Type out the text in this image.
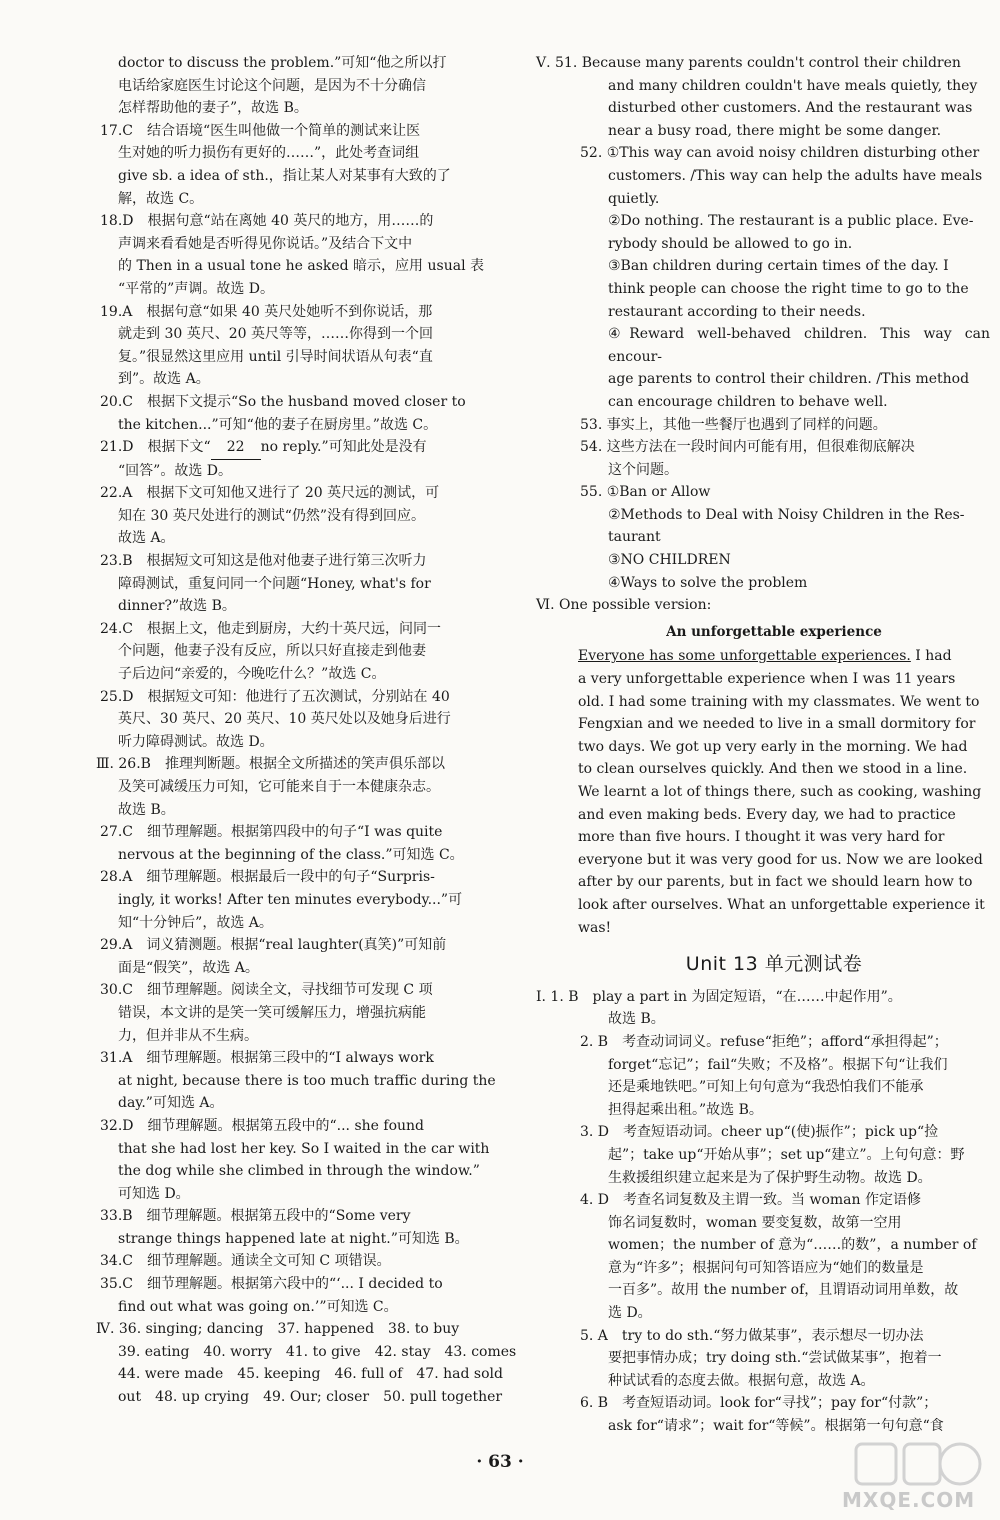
doctor to discuss the problem.”可知“他之所以打

电话给家庭医生讨论这个问题，是因为不十分确信

怎样帮助他的妻子”，故选 B。

17.C　结合语境“医生叫他做一个简单的测试来让医

生对她的听力损伤有更好的……”，此处考查词组

give sb. a idea of sth.，指让某人对某事有大致的了

解，故选 C。

18.D　根据句意“站在离她 40 英尺的地方，用……的

声调来看看她是否听得见你说话。”及结合下文中

的 Then in a usual tone he asked 暗示，应用 usual 表

“平常的”声调。故选 D。

19.A　根据句意“如果 40 英尺处她听不到你说话，那

就走到 30 英尺、20 英尺等等，……你得到一个回

复。”很显然这里应用 until 引导时间状语从句表“直

到”。故选 A。

20.C　根据下文提示“So the husband moved closer to

the kitchen...”可知“他的妻子在厨房里。”故选 C。

21.D　根据下文“ 22 no reply.”可知此处是没有

“回答”。故选 D。

22.A　根据下文可知他又进行了 20 英尺远的测试，可

知在 30 英尺处进行的测试“仍然”没有得到回应。

故选 A。

23.B　根据短文可知这是他对他妻子进行第三次听力

障碍测试，重复问同一个问题“Honey, what's for

dinner?”故选 B。

24.C　根据上文，他走到厨房，大约十英尺远，问同一

个问题，他妻子没有反应，所以只好直接走到他妻

子后边问“亲爱的，今晚吃什么？”故选 C。

25.D　根据短文可知：他进行了五次测试，分别站在 40

英尺、30 英尺、20 英尺、10 英尺处以及她身后进行

听力障碍测试。故选 D。

Ⅲ. 26.B　推理判断题。根据全文所描述的笑声俱乐部以

及笑可减缓压力可知，它可能来自于一本健康杂志。

故选 B。

27.C　细节理解题。根据第四段中的句子“I was quite

nervous at the beginning of the class.”可知选 C。

28.A　细节理解题。根据最后一段中的句子“Surpris-

ingly, it works! After ten minutes everybody...”可

知“十分钟后”，故选 A。

29.A　词义猜测题。根据“real laughter(真笑)”可知前

面是“假笑”，故选 A。

30.C　细节理解题。阅读全文，寻找细节可发现 C 项

错误，本文讲的是笑一笑可缓解压力，增强抗病能

力，但并非从不生病。

31.A　细节理解题。根据第三段中的“I always work

at night, because there is too much traffic during the

day.”可知选 A。

32.D　细节理解题。根据第五段中的“... she found

that she had lost her key. So I waited in the car with

the dog while she climbed in through the window.”

可知选 D。

33.B　细节理解题。根据第五段中的“Some very

strange things happened late at night.”可知选 B。

34.C　细节理解题。通读全文可知 C 项错误。

35.C　细节理解题。根据第六段中的“‘... I decided to

find out what was going on.’”可知选 C。

Ⅳ. 36. singing; dancing　37. happened　38. to buy

39. eating　40. worry　41. to give　42. stay　43. comes

44. were made　45. keeping　46. full of　47. had sold

out　48. up crying　49. Our; closer　50. pull together

Ⅴ. 51. Because many parents couldn't control their children

and many children couldn't have meals quietly, they

disturbed other customers. And the restaurant was

near a busy road, there might be some danger.

52. ①This way can avoid noisy children disturbing other

customers. /This way can help the adults have meals

quietly.

②Do nothing. The restaurant is a public place. Eve-

rybody should be allowed to go in.

③Ban children during certain times of the day. I

think people can choose the right time to go to the

restaurant according to their needs.

④Reward well-behaved children. This way can encour-

age parents to control their children. /This method

can encourage children to behave well.

53. 事实上，其他一些餐厅也遇到了同样的问题。

54. 这些方法在一段时间内可能有用，但很难彻底解决

这个问题。

55. ①Ban or Allow

②Methods to Deal with Noisy Children in the Res-

taurant

③NO CHILDREN

④Ways to solve the problem

Ⅵ. One possible version:

An unforgettable experience

Everyone has some unforgettable experiences. I had

a very unforgettable experience when I was 11 years

old. I had some training with my classmates. We went to

Fengxian and we needed to live in a small dormitory for

two days. We got up very early in the morning. We had

to clean ourselves quickly. And then we stood in a line.

We learnt a lot of things there, such as cooking, washing

and even making beds. Every day, we had to practice

more than five hours. I thought it was very hard for

everyone but it was very good for us. Now we are looked

after by our parents, but in fact we should learn how to

look after ourselves. What an unforgettable experience it

was!

Unit 13 单元测试卷

Ⅰ. 1. B　play a part in 为固定短语，“在……中起作用”。

故选 B。

2. B　考查动词词义。refuse“拒绝”；afford“承担得起”；

forget“忘记”；fail“失败；不及格”。根据下句“让我们

还是乘地铁吧。”可知上句句意为“我恐怕我们不能承

担得起乘出租。”故选 B。

3. D　考查短语动词。cheer up“(使)振作”；pick up“捡

起”；take up“开始从事”；set up“建立”。上句句意：野

生救援组织建立起来是为了保护野生动物。故选 D。

4. D　考查名词复数及主谓一致。当 woman 作定语修

饰名词复数时，woman 要变复数，故第一空用

women；the number of 意为“……的数”，a number of

意为“许多”；根据问句可知答语应为“她们的数量是

一百多”。故用 the number of，且谓语动词用单数，故

选 D。

5. A　try to do sth.“努力做某事”，表示想尽一切办法

要把事情办成；try doing sth.“尝试做某事”，抱着一

种试试看的态度去做。根据句意，故选 A。

6. B　考查短语动词。look for“寻找”；pay for“付款”；

ask for“请求”；wait for“等候”。根据第一句句意“食

· 63 ·
MXQE.COM
